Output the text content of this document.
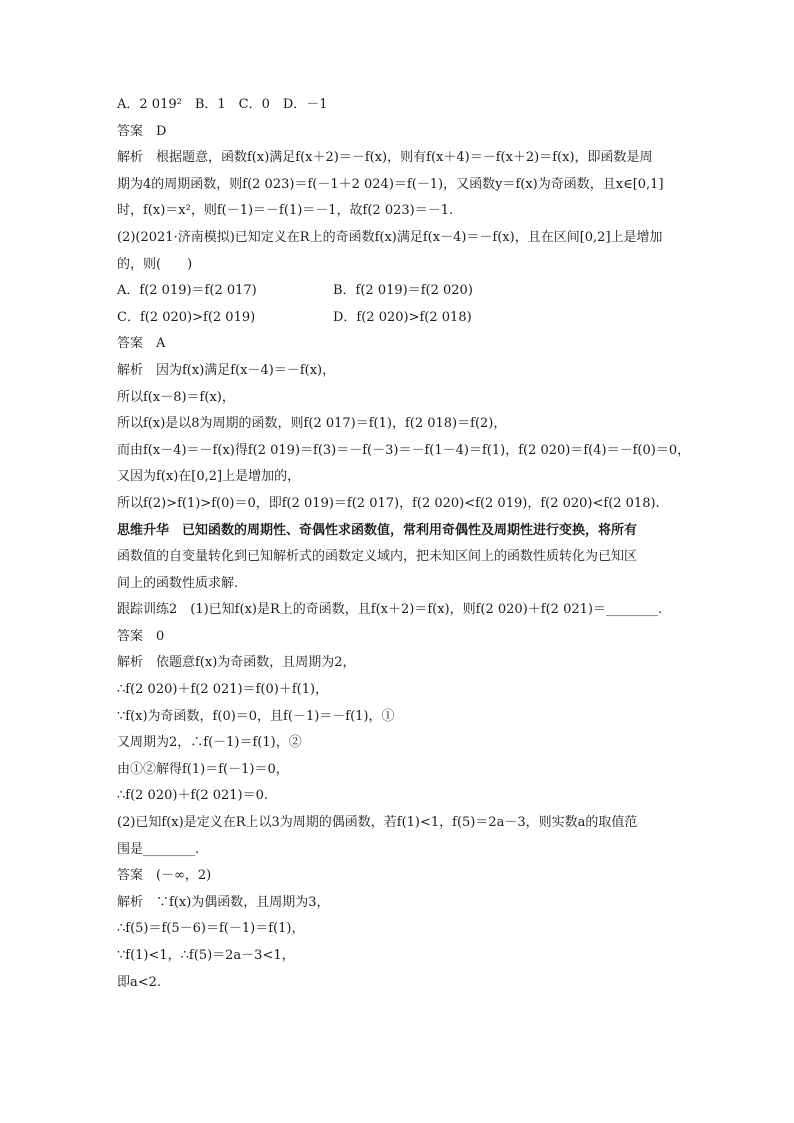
A．2 019²　B．1　C．0　D．－1
答案　D
解析　根据题意，函数f(x)满足f(x＋2)＝－f(x)，则有f(x＋4)＝－f(x＋2)＝f(x)，即函数是周
期为4的周期函数，则f(2 023)＝f(－1＋2 024)＝f(－1)，又函数y＝f(x)为奇函数，且x∈[0,1]
时，f(x)＝x²，则f(－1)＝－f(1)＝－1，故f(2 023)＝－1.
(2)(2021·济南模拟)已知定义在R上的奇函数f(x)满足f(x－4)＝－f(x)，且在区间[0,2]上是增加
的，则(　　)
A．f(2 019)＝f(2 017)	B．f(2 019)＝f(2 020)
C．f(2 020)>f(2 019)	D．f(2 020)>f(2 018)
答案　A
解析　因为f(x)满足f(x－4)＝－f(x)，
所以f(x－8)＝f(x)，
所以f(x)是以8为周期的函数，则f(2 017)＝f(1)，f(2 018)＝f(2)，
而由f(x－4)＝－f(x)得f(2 019)＝f(3)＝－f(－3)＝－f(1－4)＝f(1)，f(2 020)＝f(4)＝－f(0)＝0，
又因为f(x)在[0,2]上是增加的，
所以f(2)>f(1)>f(0)＝0，即f(2 019)＝f(2 017)，f(2 020)<f(2 019)，f(2 020)<f(2 018).
思维升华　已知函数的周期性、奇偶性求函数值，常利用奇偶性及周期性进行变换，将所有
函数值的自变量转化到已知解析式的函数定义域内，把未知区间上的函数性质转化为已知区
间上的函数性质求解.
跟踪训练2　(1)已知f(x)是R上的奇函数，且f(x＋2)＝f(x)，则f(2 020)＋f(2 021)＝________.
答案　0
解析　依题意f(x)为奇函数，且周期为2，
∴f(2 020)＋f(2 021)＝f(0)＋f(1)，
∵f(x)为奇函数，f(0)＝0，且f(－1)＝－f(1)，①
又周期为2，∴f(－1)＝f(1)，②
由①②解得f(1)＝f(－1)＝0，
∴f(2 020)＋f(2 021)＝0.
(2)已知f(x)是定义在R上以3为周期的偶函数，若f(1)<1，f(5)＝2a－3，则实数a的取值范
围是________.
答案　(－∞，2)
解析　∵f(x)为偶函数，且周期为3，
∴f(5)＝f(5－6)＝f(－1)＝f(1)，
∵f(1)<1，∴f(5)＝2a－3<1，
即a<2.
